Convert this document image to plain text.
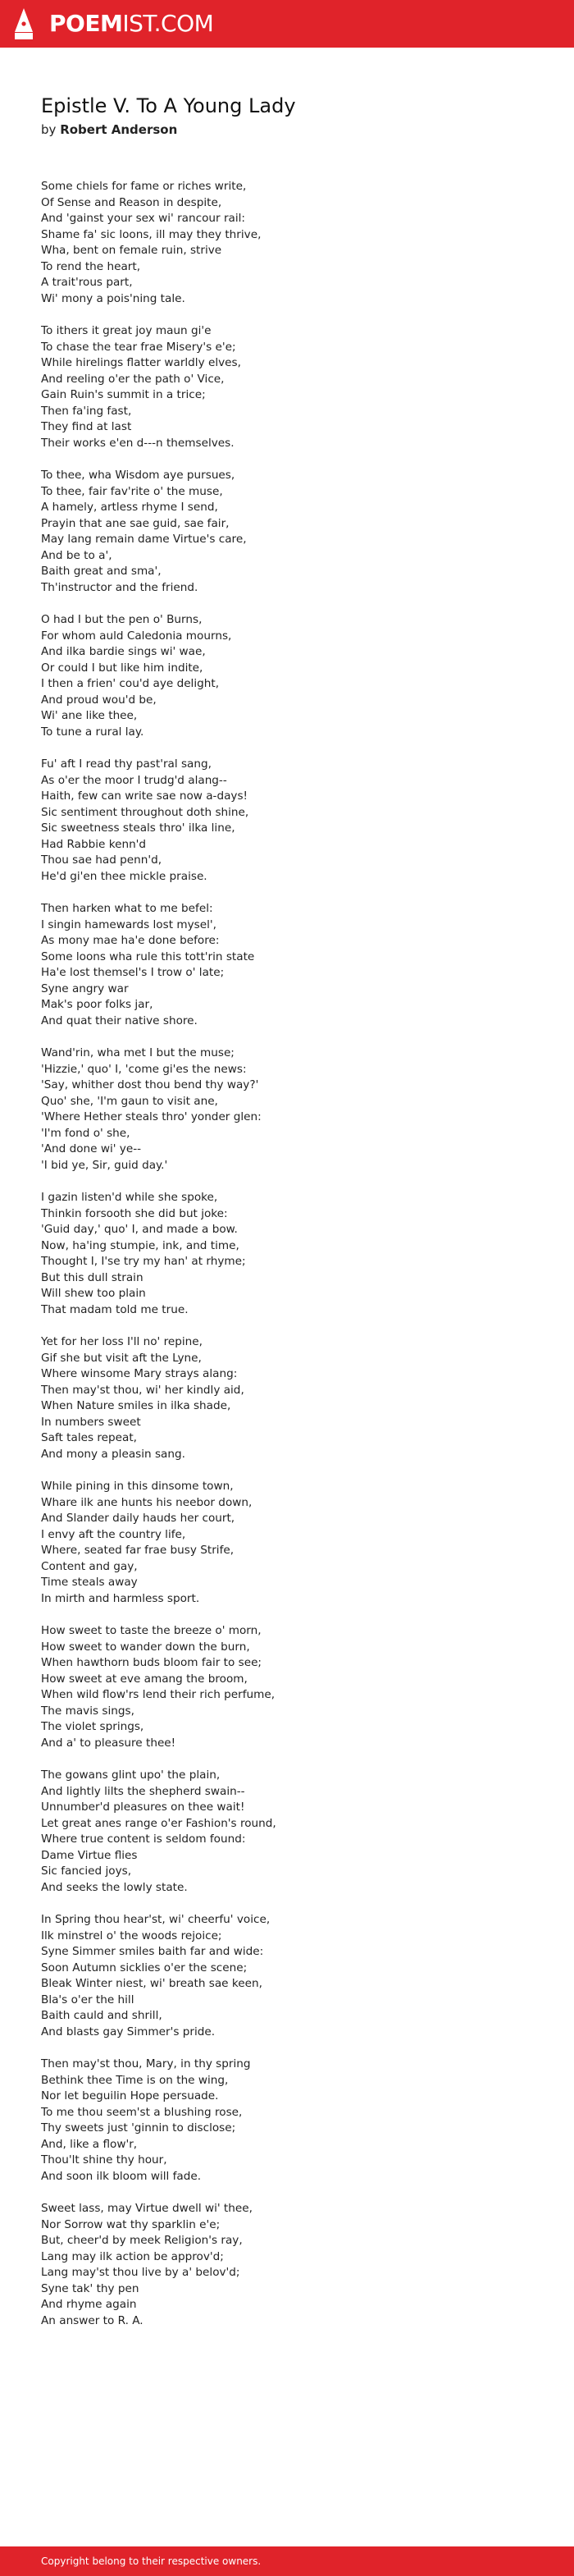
POEMIST.COM
Epistle V. To A Young Lady
by Robert Anderson
Some chiels for fame or riches write,
Of Sense and Reason in despite,
And 'gainst your sex wi' rancour rail:
Shame fa' sic loons, ill may they thrive,
Wha, bent on female ruin, strive
To rend the heart,
A trait'rous part,
Wi' mony a pois'ning tale.
To ithers it great joy maun gi'e
To chase the tear frae Misery's e'e;
While hirelings flatter warldly elves,
And reeling o'er the path o' Vice,
Gain Ruin's summit in a trice;
Then fa'ing fast,
They find at last
Their works e'en d---n themselves.
To thee, wha Wisdom aye pursues,
To thee, fair fav'rite o' the muse,
A hamely, artless rhyme I send,
Prayin that ane sae guid, sae fair,
May lang remain dame Virtue's care,
And be to a',
Baith great and sma',
Th'instructor and the friend.
O had I but the pen o' Burns,
For whom auld Caledonia mourns,
And ilka bardie sings wi' wae,
Or could I but like him indite,
I then a frien' cou'd aye delight,
And proud wou'd be,
Wi' ane like thee,
To tune a rural lay.
Fu' aft I read thy past'ral sang,
As o'er the moor I trudg'd alang--
Haith, few can write sae now a-days!
Sic sentiment throughout doth shine,
Sic sweetness steals thro' ilka line,
Had Rabbie kenn'd
Thou sae had penn'd,
He'd gi'en thee mickle praise.
Then harken what to me befel:
I singin hamewards lost mysel',
As mony mae ha'e done before:
Some loons wha rule this tott'rin state
Ha'e lost themsel's I trow o' late;
Syne angry war
Mak's poor folks jar,
And quat their native shore.
Wand'rin, wha met I but the muse;
'Hizzie,' quo' I, 'come gi'es the news:
'Say, whither dost thou bend thy way?'
Quo' she, 'I'm gaun to visit ane,
'Where Hether steals thro' yonder glen:
'I'm fond o' she,
'And done wi' ye--
'I bid ye, Sir, guid day.'
I gazin listen'd while she spoke,
Thinkin forsooth she did but joke:
'Guid day,' quo' I, and made a bow.
Now, ha'ing stumpie, ink, and time,
Thought I, I'se try my han' at rhyme;
But this dull strain
Will shew too plain
That madam told me true.
Yet for her loss I'll no' repine,
Gif she but visit aft the Lyne,
Where winsome Mary strays alang:
Then may'st thou, wi' her kindly aid,
When Nature smiles in ilka shade,
In numbers sweet
Saft tales repeat,
And mony a pleasin sang.
While pining in this dinsome town,
Whare ilk ane hunts his neebor down,
And Slander daily hauds her court,
I envy aft the country life,
Where, seated far frae busy Strife,
Content and gay,
Time steals away
In mirth and harmless sport.
How sweet to taste the breeze o' morn,
How sweet to wander down the burn,
When hawthorn buds bloom fair to see;
How sweet at eve amang the broom,
When wild flow'rs lend their rich perfume,
The mavis sings,
The violet springs,
And a' to pleasure thee!
The gowans glint upo' the plain,
And lightly lilts the shepherd swain--
Unnumber'd pleasures on thee wait!
Let great anes range o'er Fashion's round,
Where true content is seldom found:
Dame Virtue flies
Sic fancied joys,
And seeks the lowly state.
In Spring thou hear'st, wi' cheerfu' voice,
Ilk minstrel o' the woods rejoice;
Syne Simmer smiles baith far and wide:
Soon Autumn sicklies o'er the scene;
Bleak Winter niest, wi' breath sae keen,
Bla's o'er the hill
Baith cauld and shrill,
And blasts gay Simmer's pride.
Then may'st thou, Mary, in thy spring
Bethink thee Time is on the wing,
Nor let beguilin Hope persuade.
To me thou seem'st a blushing rose,
Thy sweets just 'ginnin to disclose;
And, like a flow'r,
Thou'lt shine thy hour,
And soon ilk bloom will fade.
Sweet lass, may Virtue dwell wi' thee,
Nor Sorrow wat thy sparklin e'e;
But, cheer'd by meek Religion's ray,
Lang may ilk action be approv'd;
Lang may'st thou live by a' belov'd;
Syne tak' thy pen
And rhyme again
An answer to R. A.
Copyright belong to their respective owners.
